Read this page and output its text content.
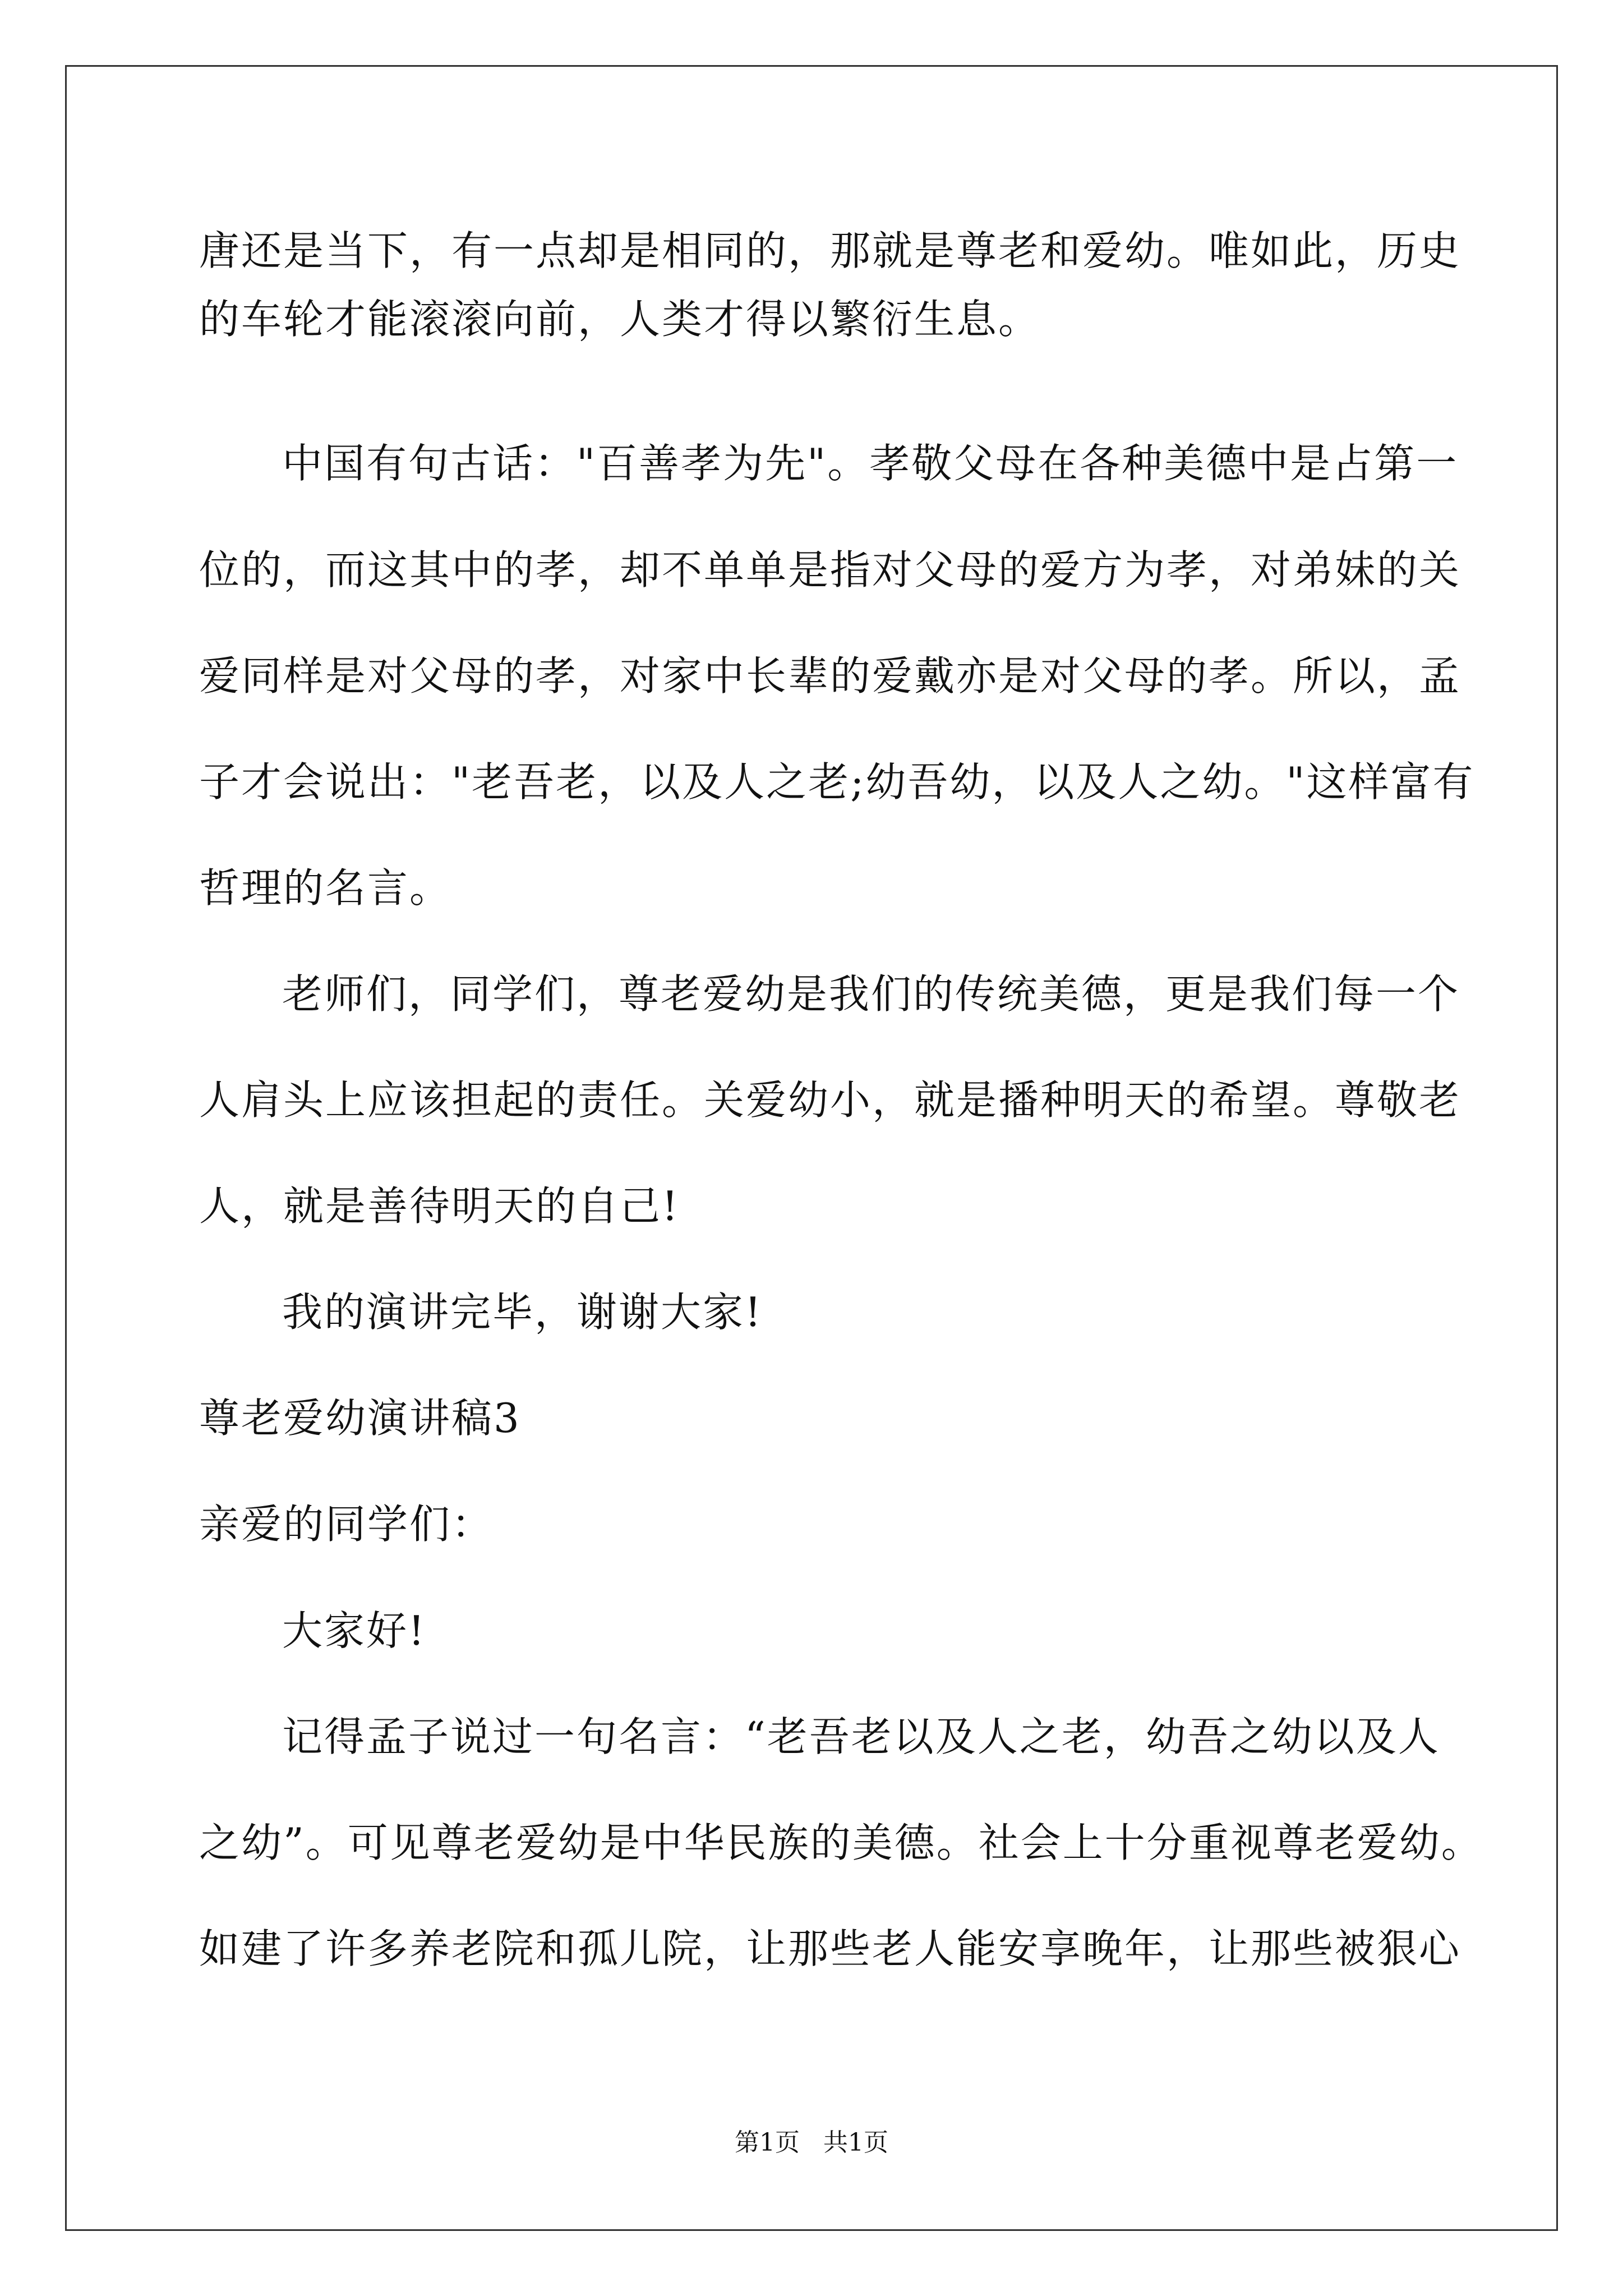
唐还是当下，有一点却是相同的，那就是尊老和爱幼。唯如此，历史
的车轮才能滚滚向前，人类才得以繁衍生息。
中国有句古话："百善孝为先"。孝敬父母在各种美德中是占第一
位的，而这其中的孝，却不单单是指对父母的爱方为孝，对弟妹的关
爱同样是对父母的孝，对家中长辈的爱戴亦是对父母的孝。所以，孟
子才会说出："老吾老，以及人之老;幼吾幼，以及人之幼。"这样富有
哲理的名言。
老师们，同学们，尊老爱幼是我们的传统美德，更是我们每一个
人肩头上应该担起的责任。关爱幼小，就是播种明天的希望。尊敬老
人，就是善待明天的自己!
我的演讲完毕，谢谢大家!
尊老爱幼演讲稿3
亲爱的同学们：
大家好!
记得孟子说过一句名言：“老吾老以及人之老，幼吾之幼以及人
之幼”。可见尊老爱幼是中华民族的美德。社会上十分重视尊老爱幼。
如建了许多养老院和孤儿院，让那些老人能安享晚年，让那些被狠心
第1页   共1页
